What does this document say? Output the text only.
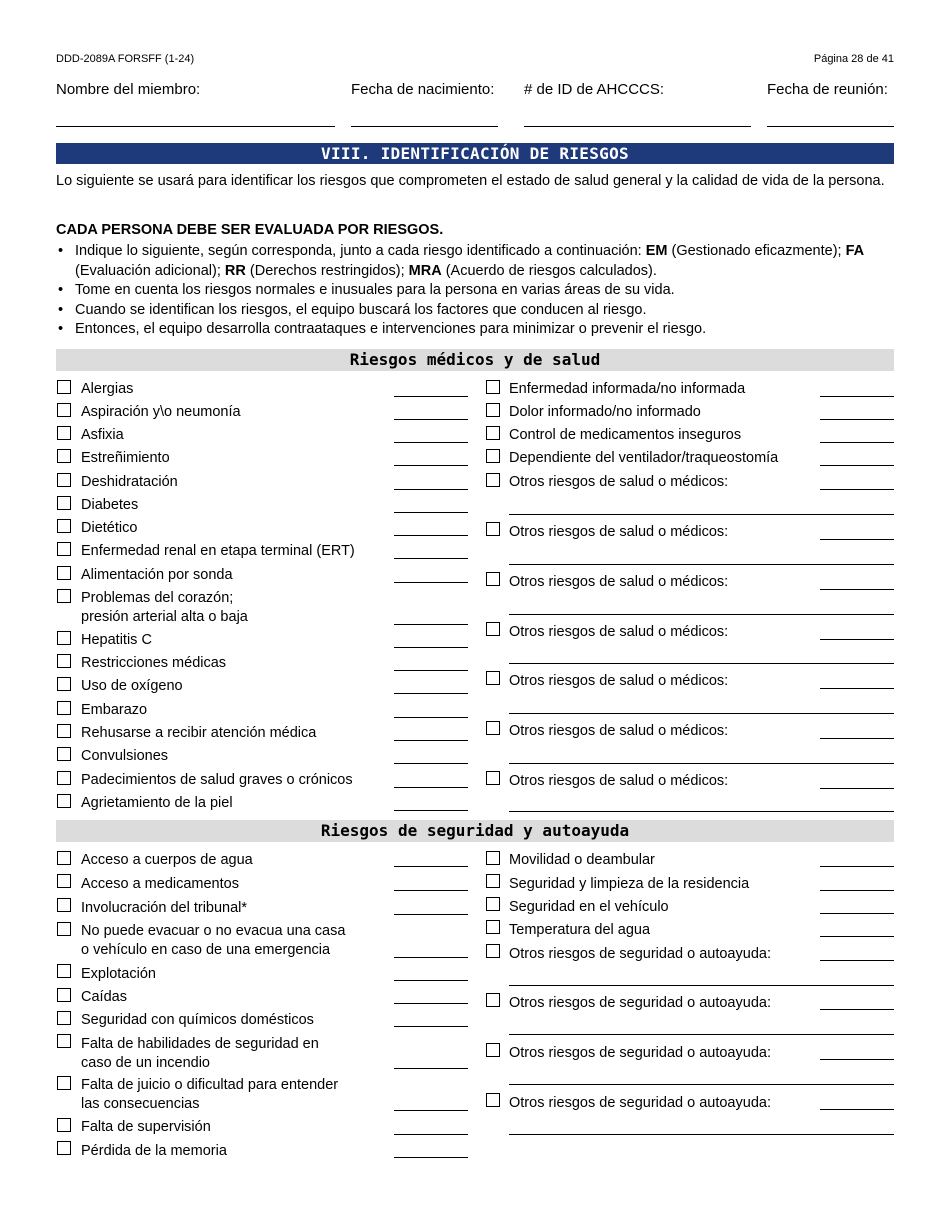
DDD-2089A FORSFF (1-24)	Página 28 de 41
Nombre del miembro:	Fecha de nacimiento: # de ID de AHCCCS:	Fecha de reunión:
VIII. IDENTIFICACIÓN DE RIESGOS
Lo siguiente se usará para identificar los riesgos que comprometen el estado de salud general y la calidad de vida de la persona.
CADA PERSONA DEBE SER EVALUADA POR RIESGOS.
• Indique lo siguiente, según corresponda, junto a cada riesgo identificado a continuación: EM (Gestionado eficazmente); FA (Evaluación adicional); RR (Derechos restringidos); MRA (Acuerdo de riesgos calculados).
• Tome en cuenta los riesgos normales e inusuales para la persona en varias áreas de su vida.
• Cuando se identifican los riesgos, el equipo buscará los factores que conducen al riesgo.
• Entonces, el equipo desarrolla contraataques e intervenciones para minimizar o prevenir el riesgo.
Riesgos médicos y de salud
Alergias
Aspiración y\o neumonía
Asfixia
Estreñimiento
Deshidratación
Diabetes
Dietético
Enfermedad renal en etapa terminal (ERT)
Alimentación por sonda
Problemas del corazón;
presión arterial alta o baja
Hepatitis C
Restricciones médicas
Uso de oxígeno
Embarazo
Rehusarse a recibir atención médica
Convulsiones
Padecimientos de salud graves o crónicos
Agrietamiento de la piel
Enfermedad informada/no informada
Dolor informado/no informado
Control de medicamentos inseguros
Dependiente del ventilador/traqueostomía
Otros riesgos de salud o médicos:
Otros riesgos de salud o médicos:
Otros riesgos de salud o médicos:
Otros riesgos de salud o médicos:
Otros riesgos de salud o médicos:
Otros riesgos de salud o médicos:
Otros riesgos de salud o médicos:
Riesgos de seguridad y autoayuda
Acceso a cuerpos de agua
Acceso a medicamentos
Involucración del tribunal*
No puede evacuar o no evacua una casa
o vehículo en caso de una emergencia
Explotación
Caídas
Seguridad con químicos domésticos
Falta de habilidades de seguridad en
caso de un incendio
Falta de juicio o dificultad para entender
las consecuencias
Falta de supervisión
Pérdida de la memoria
Movilidad o deambular
Seguridad y limpieza de la residencia
Seguridad en el vehículo
Temperatura del agua
Otros riesgos de seguridad o autoayuda:
Otros riesgos de seguridad o autoayuda:
Otros riesgos de seguridad o autoayuda:
Otros riesgos de seguridad o autoayuda:
